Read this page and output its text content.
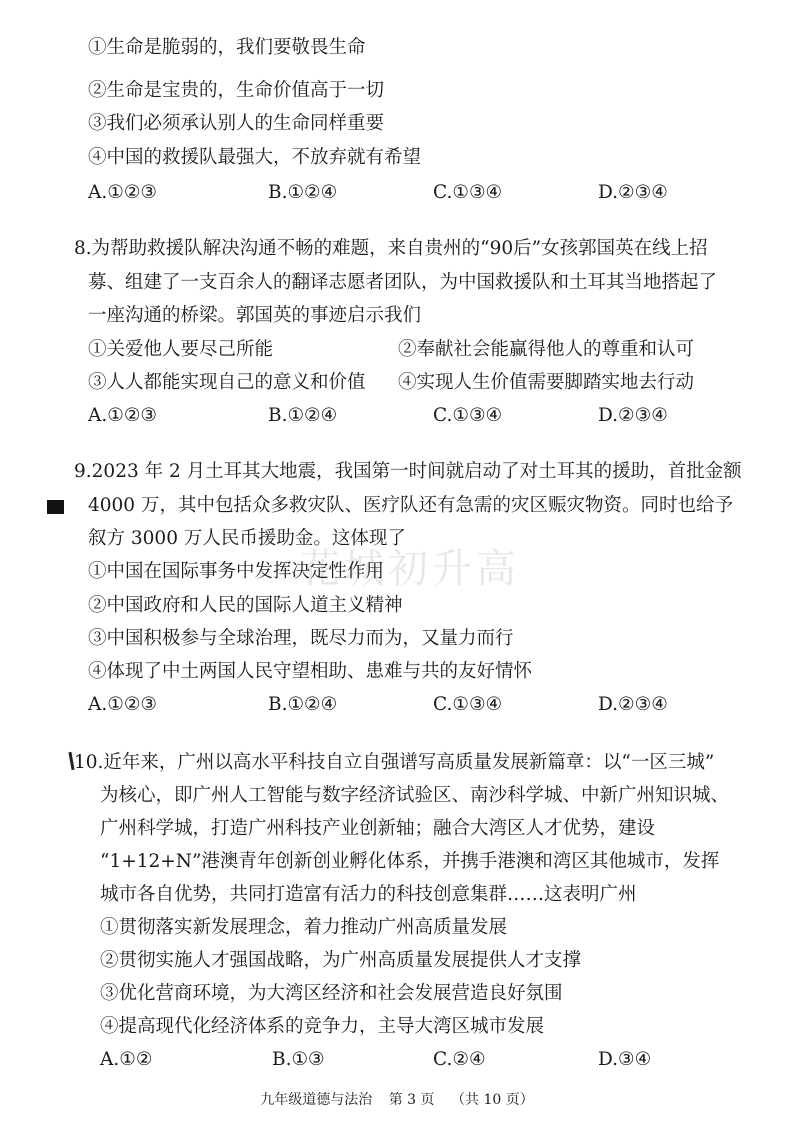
①生命是脆弱的，我们要敬畏生命
②生命是宝贵的，生命价值高于一切
③我们必须承认别人的生命同样重要
④中国的救援队最强大，不放弃就有希望
A.①②③	B.①②④	C.①③④	D.②③④
8.为帮助救援队解决沟通不畅的难题，来自贵州的“90后”女孩郭国英在线上招
募、组建了一支百余人的翻译志愿者团队，为中国救援队和土耳其当地搭起了
一座沟通的桥梁。郭国英的事迹启示我们
①关爱他人要尽己所能	②奉献社会能赢得他人的尊重和认可
③人人都能实现自己的意义和价值 ④实现人生价值需要脚踏实地去行动
A.①②③	B.①②④	C.①③④	D.②③④
9.2023 年 2 月土耳其大地震，我国第一时间就启动了对土耳其的援助，首批金额
4000 万，其中包括众多救灾队、医疗队还有急需的灾区赈灾物资。同时也给予
叙方 3000 万人民币援助金。这体现了
花城初升高
①中国在国际事务中发挥决定性作用
②中国政府和人民的国际人道主义精神
③中国积极参与全球治理，既尽力而为，又量力而行
④体现了中土两国人民守望相助、患难与共的友好情怀
A.①②③	B.①②④	C.①③④	D.②③④
10.近年来，广州以高水平科技自立自强谱写高质量发展新篇章：以“一区三城”
为核心，即广州人工智能与数字经济试验区、南沙科学城、中新广州知识城、
广州科学城，打造广州科技产业创新轴；融合大湾区人才优势，建设
“1+12+N”港澳青年创新创业孵化体系，并携手港澳和湾区其他城市，发挥
城市各自优势，共同打造富有活力的科技创意集群……这表明广州
①贯彻落实新发展理念，着力推动广州高质量发展
②贯彻实施人才强国战略，为广州高质量发展提供人才支撑
③优化营商环境，为大湾区经济和社会发展营造良好氛围
④提高现代化经济体系的竞争力，主导大湾区城市发展
A.①②	B.①③	C.②④	D.③④
九年级道德与法治 第 3 页 （共 10 页）
